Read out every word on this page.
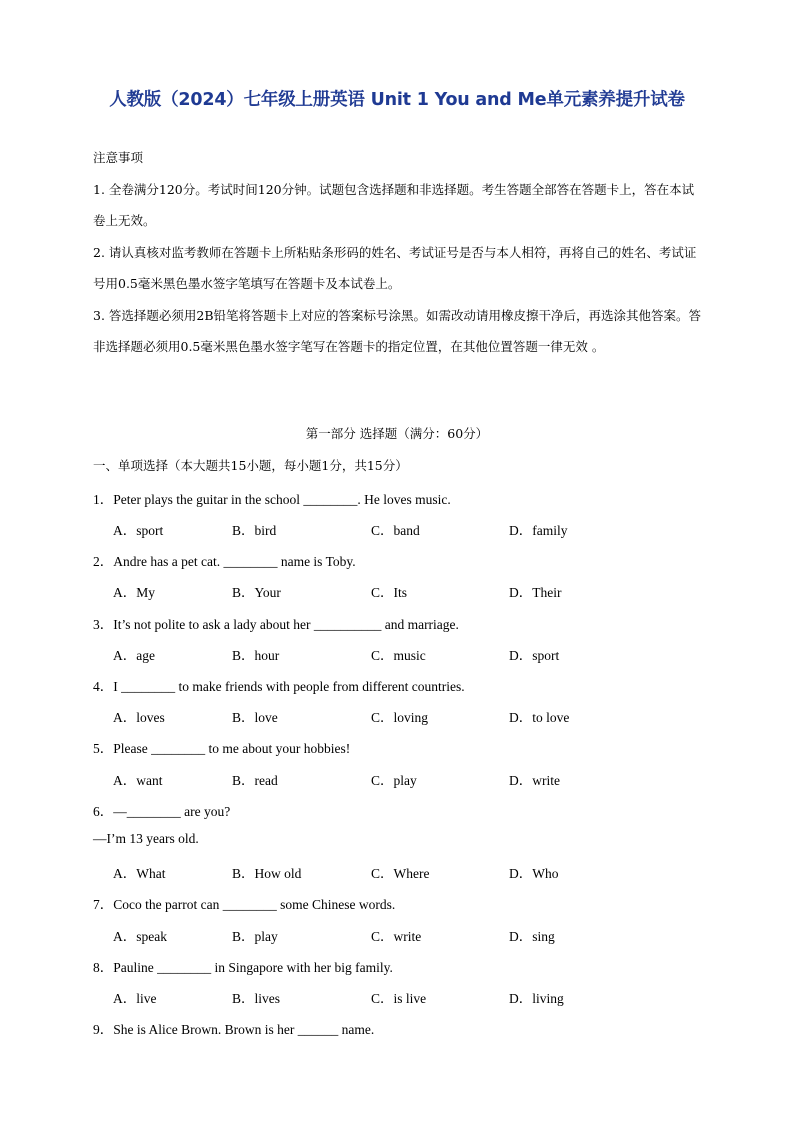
人教版（2024）七年级上册英语 Unit 1 You and Me单元素养提升试卷

注意事项

1. 全卷满分120分。考试时间120分钟。试题包含选择题和非选择题。考生答题全部答在答题卡上，答在本试卷上无效。

2. 请认真核对监考教师在答题卡上所粘贴条形码的姓名、考试证号是否与本人相符，再将自己的姓名、考试证号用0.5毫米黑色墨水签字笔填写在答题卡及本试卷上。

3. 答选择题必须用2B铅笔将答题卡上对应的答案标号涂黑。如需改动请用橡皮擦干净后，再选涂其他答案。答非选择题必须用0.5毫米黑色墨水签字笔写在答题卡的指定位置，在其他位置答题一律无效 。

第一部分 选择题（满分：60分）
一、单项选择（本大题共15小题，每小题1分，共15分）
1．Peter plays the guitar in the school ________. He loves music.
A．sport	B．bird	C．band	D．family
2．Andre has a pet cat. ________ name is Toby.
A．My	B．Your	C．Its	D．Their
3．It’s not polite to ask a lady about her __________ and marriage.
A．age	B．hour	C．music	D．sport
4．I ________ to make friends with people from different countries.
A．loves	B．love	C．loving	D．to love
5．Please ________ to me about your hobbies!
A．want	B．read	C．play	D．write
6．—________ are you?
—I’m 13 years old.
A．What	B．How old	C．Where	D．Who
7．Coco the parrot can ________ some Chinese words.
A．speak	B．play	C．write	D．sing
8．Pauline ________ in Singapore with her big family.
A．live	B．lives	C．is live	D．living
9．She is Alice Brown. Brown is her ______ name.
